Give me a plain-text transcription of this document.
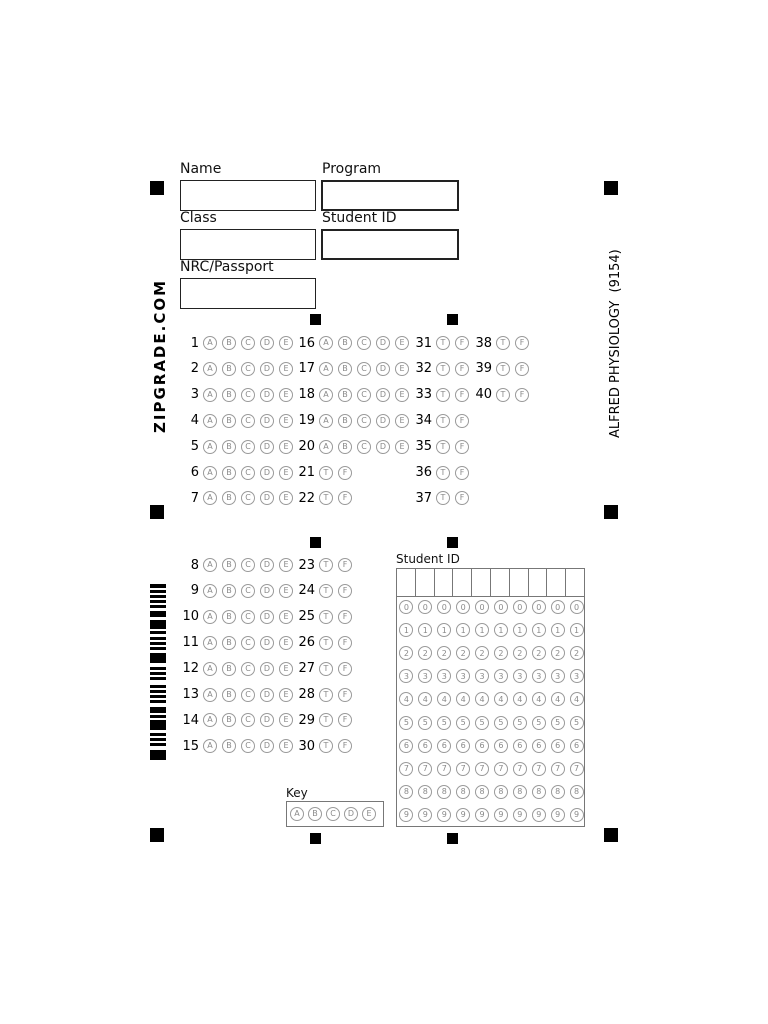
Name	Program
Class	Student ID
NRC/Passport
ZIPGRADE.COM	ALFRED PHYSIOLOGY  (9154)
1	A	B	C	D	E
2	A	B	C	D	E
3	A	B	C	D	E
4	A	B	C	D	E
5	A	B	C	D	E
6	A	B	C	D	E
7	A	B	C	D	E
16	A	B	C	D	E
17	A	B	C	D	E
18	A	B	C	D	E
19	A	B	C	D	E
20	A	B	C	D	E
21	T	F
22	T	F
31	T	F
32	T	F
33	T	F
34	T	F
35	T	F
36	T	F
37	T	F
38	T	F
39	T	F
40	T	F
8	A	B	C	D	E
9	A	B	C	D	E
10	A	B	C	D	E
11	A	B	C	D	E
12	A	B	C	D	E
13	A	B	C	D	E
14	A	B	C	D	E
15	A	B	C	D	E
23	T	F
24	T	F
25	T	F
26	T	F
27	T	F
28	T	F
29	T	F
30	T	F
Student ID
0	0	0	0	0	0	0	0	0	0
1	1	1	1	1	1	1	1	1	1
2	2	2	2	2	2	2	2	2	2
3	3	3	3	3	3	3	3	3	3
4	4	4	4	4	4	4	4	4	4
5	5	5	5	5	5	5	5	5	5
6	6	6	6	6	6	6	6	6	6
7	7	7	7	7	7	7	7	7	7
8	8	8	8	8	8	8	8	8	8
9	9	9	9	9	9	9	9	9	9
Key
A	B	C	D	E
